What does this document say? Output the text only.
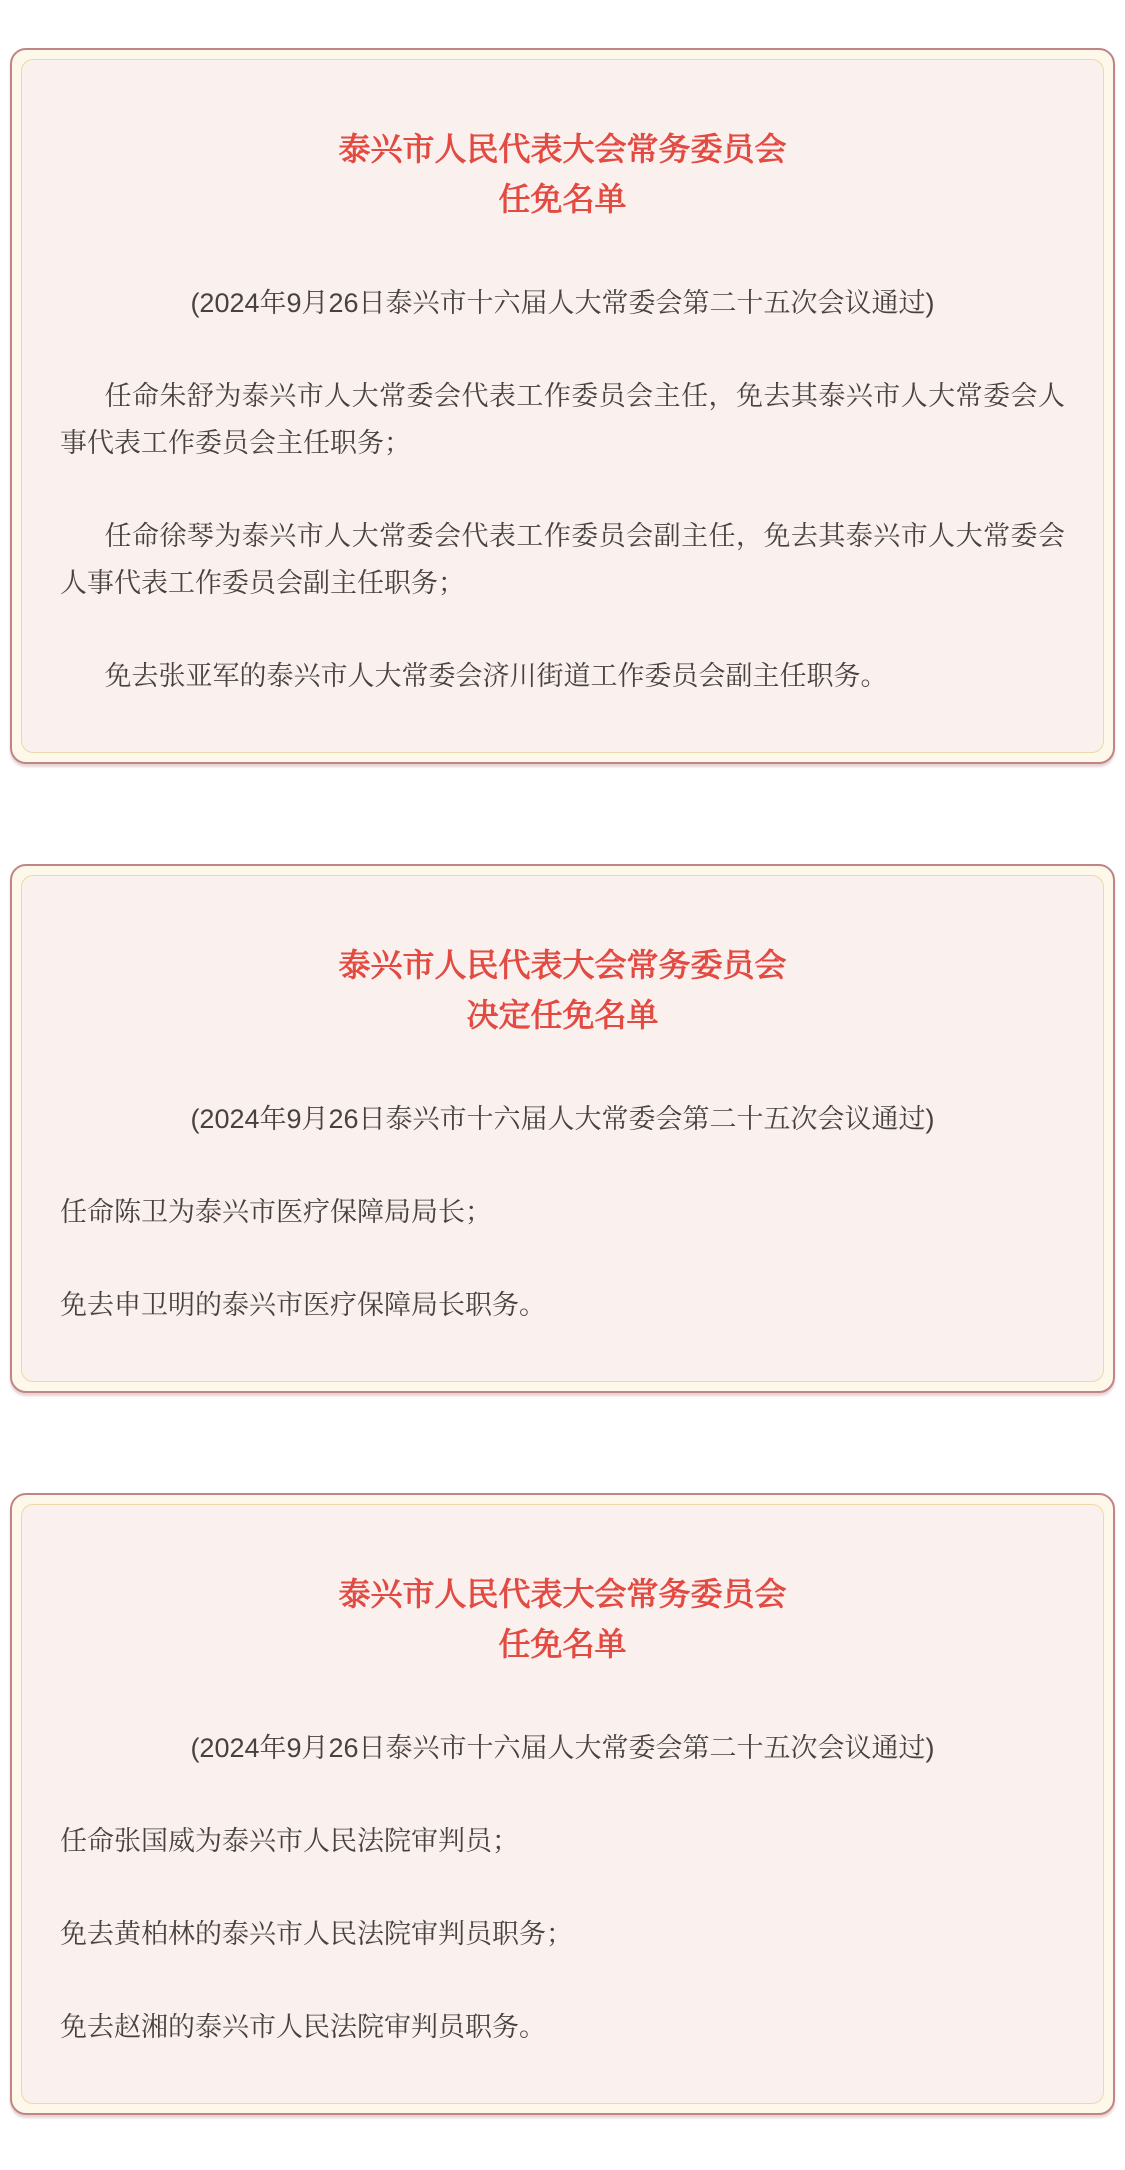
泰兴市人民代表大会常务委员会
任免名单

(2024年9月26日泰兴市十六届人大常委会第二十五次会议通过)

任命朱舒为泰兴市人大常委会代表工作委员会主任，免去其泰兴市人大常委会人事代表工作委员会主任职务；

任命徐琴为泰兴市人大常委会代表工作委员会副主任，免去其泰兴市人大常委会人事代表工作委员会副主任职务；

免去张亚军的泰兴市人大常委会济川街道工作委员会副主任职务。

泰兴市人民代表大会常务委员会
决定任免名单

(2024年9月26日泰兴市十六届人大常委会第二十五次会议通过)

任命陈卫为泰兴市医疗保障局局长；

免去申卫明的泰兴市医疗保障局长职务。

泰兴市人民代表大会常务委员会
任免名单

(2024年9月26日泰兴市十六届人大常委会第二十五次会议通过)

任命张国威为泰兴市人民法院审判员；

免去黄柏林的泰兴市人民法院审判员职务；

免去赵湘的泰兴市人民法院审判员职务。
